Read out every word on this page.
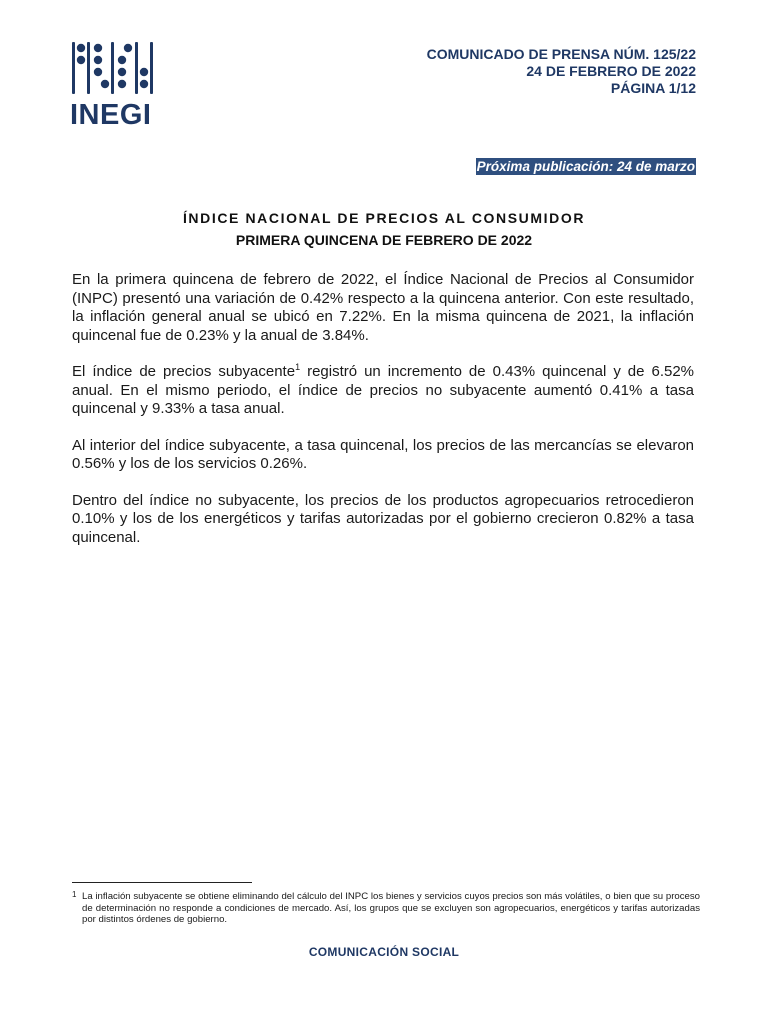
INEGI
COMUNICADO DE PRENSA NÚM. 125/22
24 DE FEBRERO DE 2022
PÁGINA 1/12
Próxima publicación: 24 de marzo
ÍNDICE NACIONAL DE PRECIOS AL CONSUMIDOR
PRIMERA QUINCENA DE FEBRERO DE 2022

En la primera quincena de febrero de 2022, el Índice Nacional de Precios al Consumidor (INPC) presentó una variación de 0.42% respecto a la quincena anterior. Con este resultado, la inflación general anual se ubicó en 7.22%. En la misma quincena de 2021, la inflación quincenal fue de 0.23% y la anual de 3.84%.

El índice de precios subyacente$^1$ registró un incremento de 0.43% quincenal y de 6.52% anual. En el mismo periodo, el índice de precios no subyacente aumentó 0.41% a tasa quincenal y 9.33% a tasa anual.

Al interior del índice subyacente, a tasa quincenal, los precios de las mercancías se elevaron 0.56% y los de los servicios 0.26%.

Dentro del índice no subyacente, los precios de los productos agropecuarios retrocedieron 0.10% y los de los energéticos y tarifas autorizadas por el gobierno crecieron 0.82% a tasa quincenal.

1 La inflación subyacente se obtiene eliminando del cálculo del INPC los bienes y servicios cuyos precios son más volátiles, o bien que su proceso de determinación no responde a condiciones de mercado. Así, los grupos que se excluyen son agropecuarios, energéticos y tarifas autorizadas por distintos órdenes de gobierno.
COMUNICACIÓN SOCIAL
